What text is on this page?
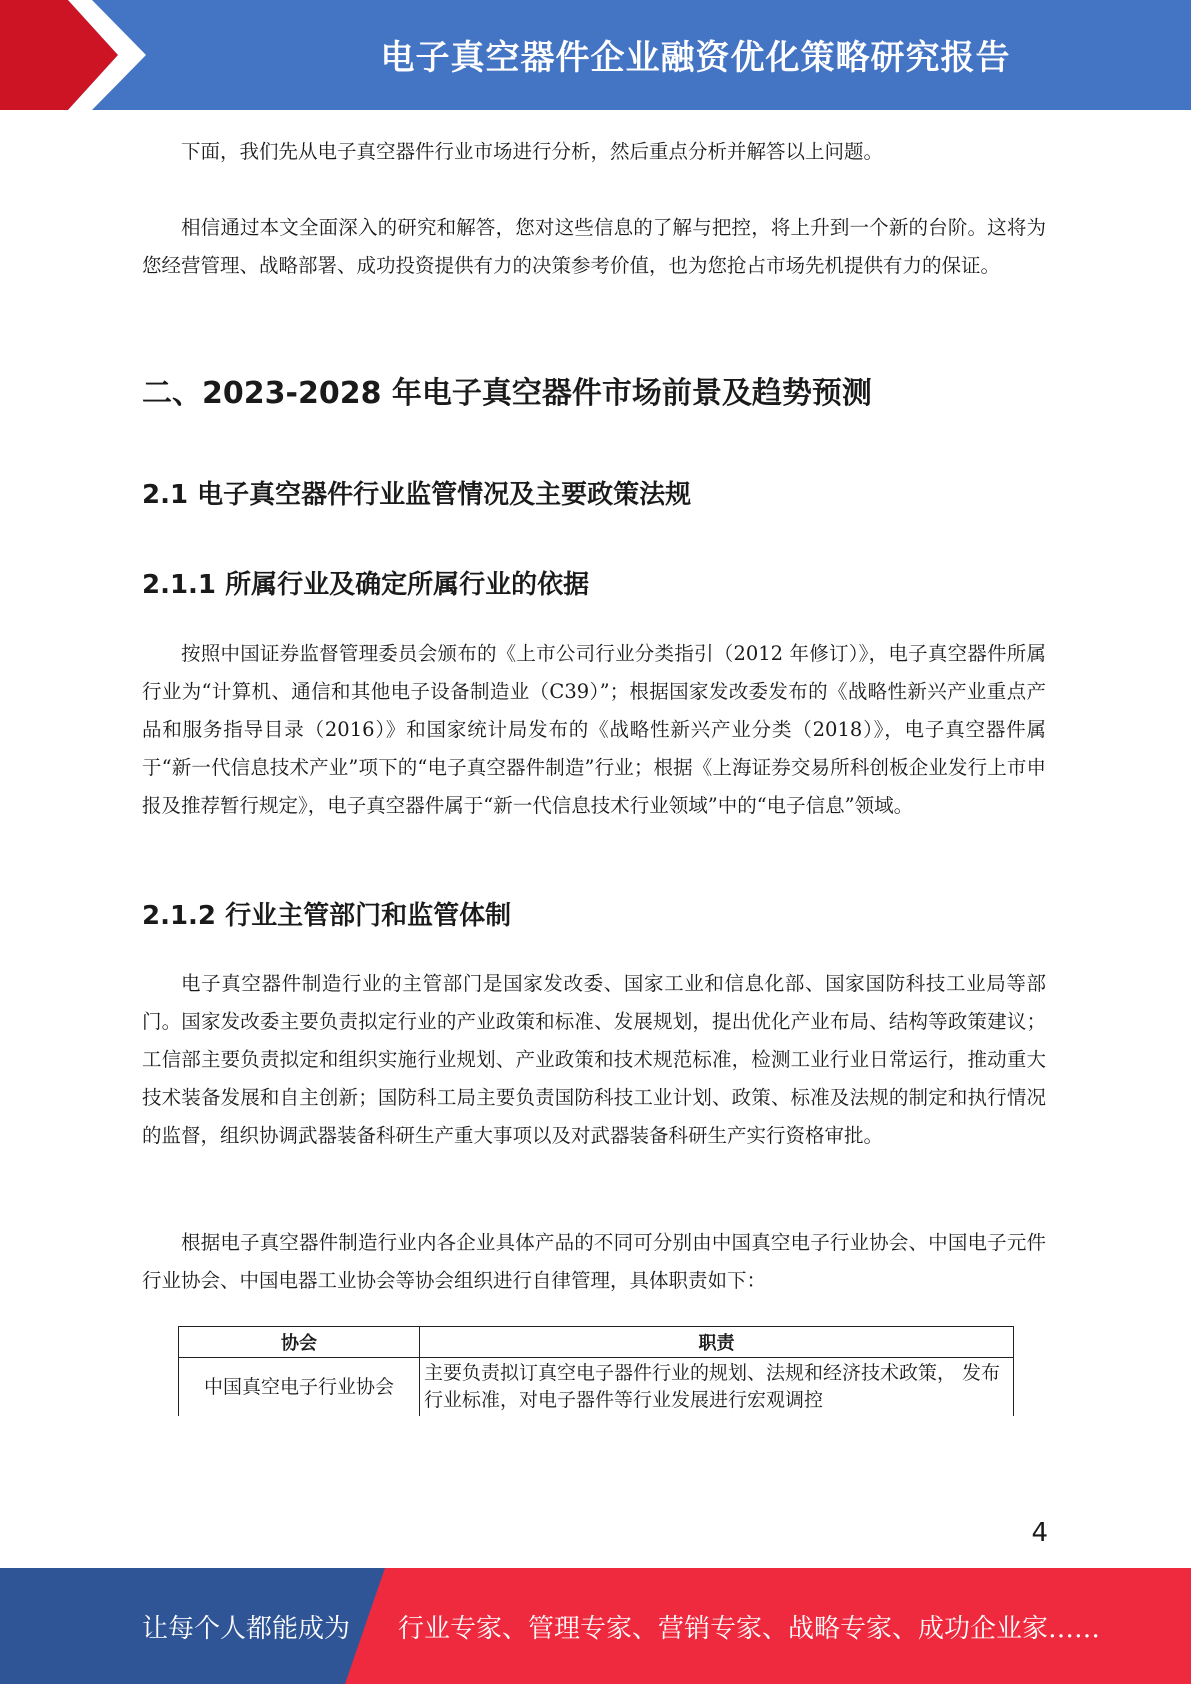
电子真空器件企业融资优化策略研究报告

下面，我们先从电子真空器件行业市场进行分析，然后重点分析并解答以上问题。

相信通过本文全面深入的研究和解答，您对这些信息的了解与把控，将上升到一个新的台阶。这将为您经营管理、战略部署、成功投资提供有力的决策参考价值，也为您抢占市场先机提供有力的保证。

二、2023-2028 年电子真空器件市场前景及趋势预测
2.1 电子真空器件行业监管情况及主要政策法规
2.1.1 所属行业及确定所属行业的依据

按照中国证券监督管理委员会颁布的《上市公司行业分类指引（2012 年修订）》，电子真空器件所属行业为“计算机、通信和其他电子设备制造业（C39）”；根据国家发改委发布的《战略性新兴产业重点产品和服务指导目录（2016）》和国家统计局发布的《战略性新兴产业分类（2018）》，电子真空器件属于“新一代信息技术产业”项下的“电子真空器件制造”行业；根据《上海证券交易所科创板企业发行上市申报及推荐暂行规定》，电子真空器件属于“新一代信息技术行业领域”中的“电子信息”领域。

2.1.2 行业主管部门和监管体制

电子真空器件制造行业的主管部门是国家发改委、国家工业和信息化部、国家国防科技工业局等部门。国家发改委主要负责拟定行业的产业政策和标准、发展规划，提出优化产业布局、结构等政策建议；工信部主要负责拟定和组织实施行业规划、产业政策和技术规范标准，检测工业行业日常运行，推动重大技术装备发展和自主创新；国防科工局主要负责国防科技工业计划、政策、标准及法规的制定和执行情况的监督，组织协调武器装备科研生产重大事项以及对武器装备科研生产实行资格审批。

根据电子真空器件制造行业内各企业具体产品的不同可分别由中国真空电子行业协会、中国电子元件行业协会、中国电器工业协会等协会组织进行自律管理，具体职责如下：

协会	职责
中国真空电子行业协会	主要负责拟订真空电子器件行业的规划、法规和经济技术政策， 发布行业标准，对电子器件等行业发展进行宏观调控
4
让每个人都能成为 行业专家、管理专家、营销专家、战略专家、成功企业家……
